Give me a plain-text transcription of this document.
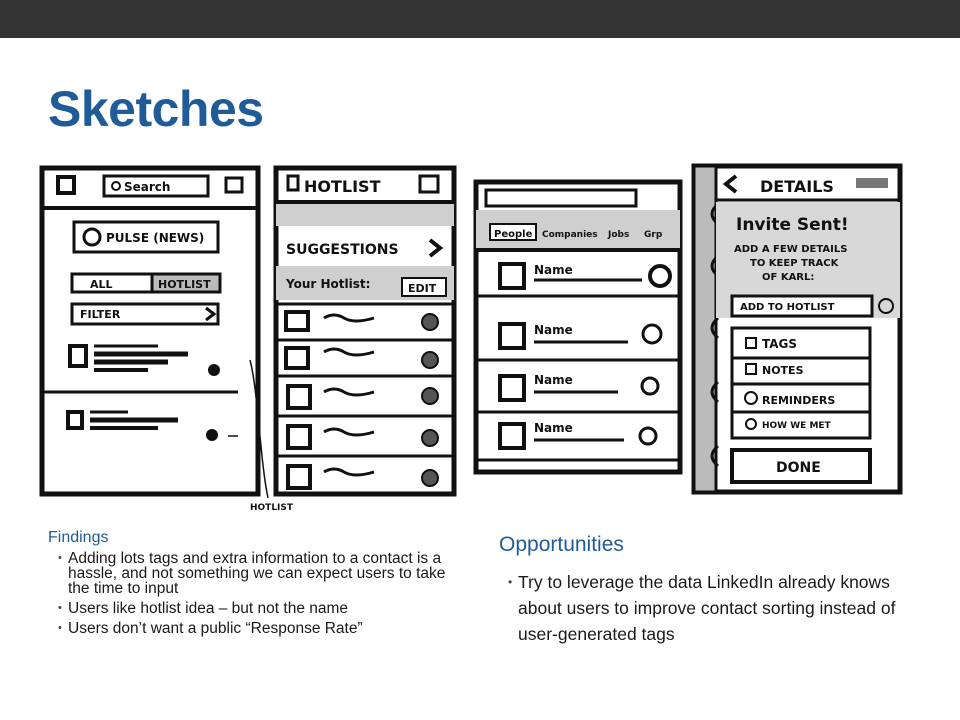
Sketches
Search
PULSE (NEWS)
ALL	HOTLIST
FILTER
HOTLIST
HOTLIST
SUGGESTIONS
Your Hotlist:	EDIT
People Companies Jobs Grp
Name
Name
Name
Name
DETAILS
Invite Sent!
ADD A FEW DETAILS
TO KEEP TRACK
OF KARL:
ADD TO HOTLIST
TAGS
NOTES
REMINDERS
HOW WE MET
DONE
Findings
• Adding lots tags and extra information to a contact is a hassle, and not something we can expect users to take the time to input
• Users like hotlist idea – but not the name
• Users don’t want a public “Response Rate”
Opportunities
• Try to leverage the data LinkedIn already knows about users to improve contact sorting instead of user-generated tags
